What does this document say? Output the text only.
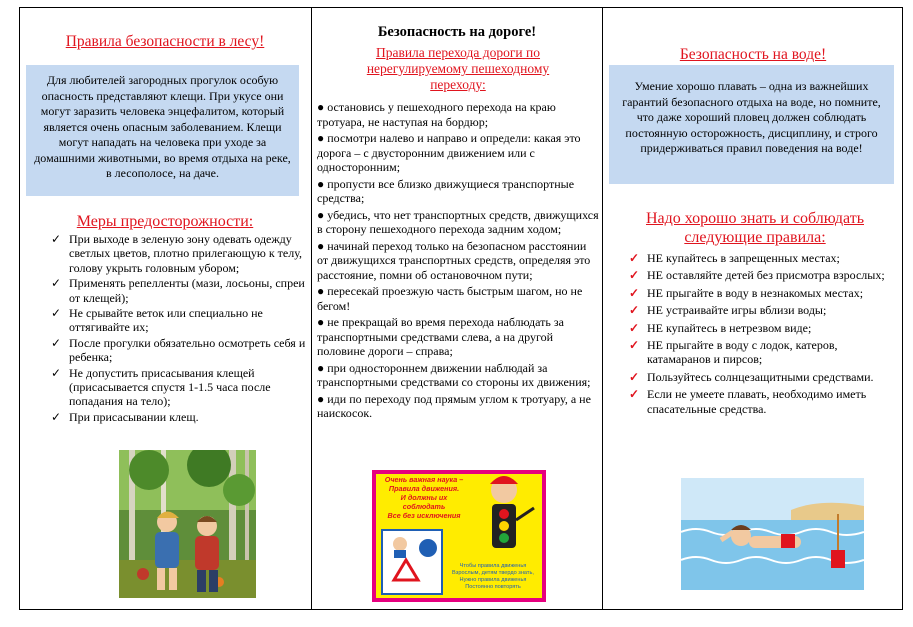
Правила безопасности в лесу!
Для любителей загородных прогулок особую опасность представляют клещи. При укусе они могут заразить человека энцефалитом, который является очень опасным заболеванием. Клещи могут нападать на человека при уходе за домашними животными, во время отдыха на реке, в лесополосе, на даче.
Меры предосторожности:
✓ При выходе в зеленую зону одевать одежду светлых цветов, плотно прилегающую к телу, голову укрыть головным убором;
✓ Применять репелленты (мази, лосьоны, спреи от клещей);
✓ Не срывайте веток или специально не оттягивайте их;
✓ После прогулки обязательно осмотреть себя и ребенка;
✓ Не допустить присасывания клещей (присасывается спустя 1-1.5 часа после попадания на тело);
✓ При присасывании клещ.
Безопасность на дороге!
Правила перехода дороги по нерегулируемому пешеходному переходу:

● остановись у пешеходного перехода на краю тротуара, не наступая на бордюр;

● посмотри налево и направо и определи: какая это дорога – с двусторонним движением или с односторонним;

● пропусти все близко движущиеся транспортные средства;

● убедись, что нет транспортных средств, движущихся в сторону пешеходного перехода задним ходом;

● начинай переход только на безопасном расстоянии от движущихся транспортных средств, определяя это расстояние, помни об остановочном пути;

● пересекай проезжую часть быстрым шагом, но не бегом!

● не прекращай во время перехода наблюдать за транспортными средствами слева, а на другой половине дороги – справа;

● при одностороннем движении наблюдай за транспортными средствами со стороны их движения;

● иди по переходу под прямым углом к тротуару, а не наискосок.

Безопасность на воде!
Умение хорошо плавать – одна из важнейших гарантий безопасного отдыха на воде, но помните, что даже хороший пловец должен соблюдать постоянную осторожность, дисциплину, и строго придерживаться правил поведения на воде!
Надо хорошо знать и соблюдать следующие правила:
✓ НЕ купайтесь в запрещенных местах;
✓ НЕ оставляйте детей без присмотра взрослых;
✓ НЕ прыгайте в воду в незнакомых местах;
✓ НЕ устраивайте игры вблизи воды;
✓ НЕ купайтесь в нетрезвом виде;
✓ НЕ прыгайте в воду с лодок, катеров, катамаранов и пирсов;
✓ Пользуйтесь солнцезащитными средствами.
✓ Если не умеете плавать, необходимо иметь спасательные средства.
Очень важная наука –
Правила движения.
И должны их
соблюдать
Все без исключения
Чтобы правила движенья
Взрослым, детям твердо знать,
Нужно правила движенья
Постоянно повторять
